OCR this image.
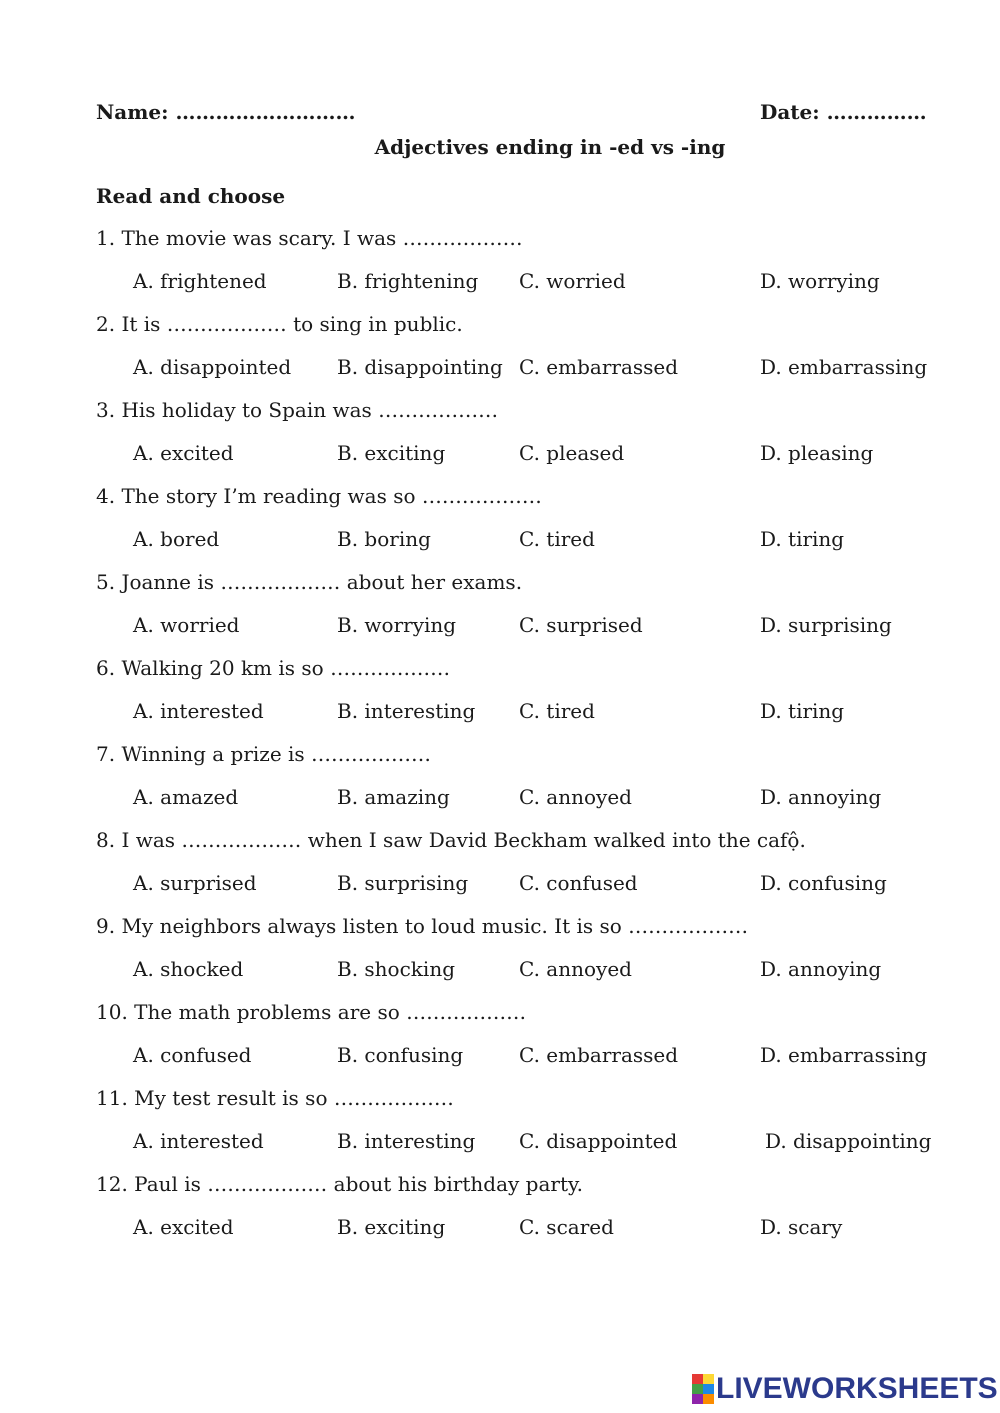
Name: ………………………	Date: ……………
Adjectives ending in -ed vs -ing
Read and choose
1. The movie was scary. I was ………………
A. frightened	B. frightening C. worried	D. worrying
2. It is ……………… to sing in public.
A. disappointed B. disappointing C. embarrassed	D. embarrassing
3. His holiday to Spain was ………………
A. excited	B. exciting	C. pleased	D. pleasing
4. The story I’m reading was so ………………
A. bored	B. boring	C. tired	D. tiring
5. Joanne is ……………… about her exams.
A. worried	B. worrying	C. surprised	D. surprising
6. Walking 20 km is so ………………
A. interested	B. interesting C. tired	D. tiring
7. Winning a prize is ………………
A. amazed	B. amazing	C. annoyed	D. annoying
8. I was ……………… when I saw David Beckham walked into the cafộ.
A. surprised	B. surprising	C. confused	D. confusing
9. My neighbors always listen to loud music. It is so ………………
A. shocked	B. shocking	C. annoyed	D. annoying
10. The math problems are so ………………
A. confused	B. confusing	C. embarrassed	D. embarrassing
11. My test result is so ………………
A. interested	B. interesting C. disappointed	D. disappointing
12. Paul is ……………… about his birthday party.
A. excited	B. exciting	C. scared	D. scary
LIVEWORKSHEETS
